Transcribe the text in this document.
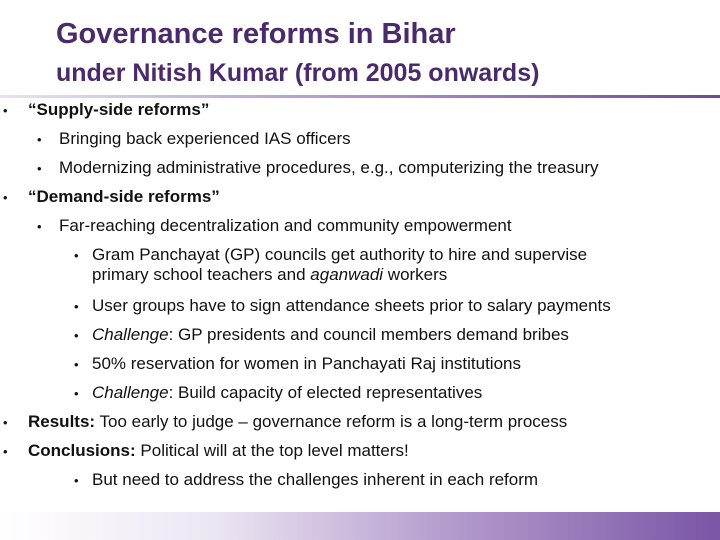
Governance reforms in Bihar
under Nitish Kumar (from 2005 onwards)
• “Supply-side reforms”
• Bringing back experienced IAS officers
• Modernizing administrative procedures, e.g., computerizing the treasury
• “Demand-side reforms”
• Far-reaching decentralization and community empowerment
• Gram Panchayat (GP) councils get authority to hire and supervise
primary school teachers and aganwadi workers
• User groups have to sign attendance sheets prior to salary payments
• Challenge: GP presidents and council members demand bribes
• 50% reservation for women in Panchayati Raj institutions
• Challenge: Build capacity of elected representatives
• Results: Too early to judge – governance reform is a long-term process
• Conclusions: Political will at the top level matters!
• But need to address the challenges inherent in each reform
